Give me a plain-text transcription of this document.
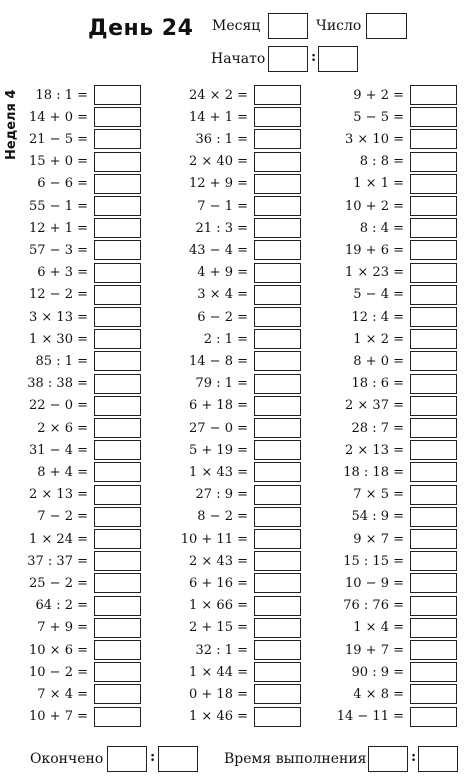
День 24 Месяц	Число
Начато	:
Неделя 4	18 : 1 =
14 + 0 =
21 − 5 =
15 + 0 =
6 − 6 =
55 − 1 =
12 + 1 =
57 − 3 =
6 + 3 =
12 − 2 =
3 × 13 =
1 × 30 =
85 : 1 =
38 : 38 =
22 − 0 =
2 × 6 =
31 − 4 =
8 + 4 =
2 × 13 =
7 − 2 =
1 × 24 =
37 : 37 =
25 − 2 =
64 : 2 =
7 + 9 =
10 × 6 =
10 − 2 =
7 × 4 =
10 + 7 =
24 × 2 =
14 + 1 =
36 : 1 =
2 × 40 =
12 + 9 =
7 − 1 =
21 : 3 =
43 − 4 =
4 + 9 =
3 × 4 =
6 − 2 =
2 : 1 =
14 − 8 =
79 : 1 =
6 + 18 =
27 − 0 =
5 + 19 =
1 × 43 =
27 : 9 =
8 − 2 =
10 + 11 =
2 × 43 =
6 + 16 =
1 × 66 =
2 + 15 =
32 : 1 =
1 × 44 =
0 + 18 =
1 × 46 =
9 + 2 =
5 − 5 =
3 × 10 =
8 : 8 =
1 × 1 =
10 + 2 =
8 : 4 =
19 + 6 =
1 × 23 =
5 − 4 =
12 : 4 =
1 × 2 =
8 + 0 =
18 : 6 =
2 × 37 =
28 : 7 =
2 × 13 =
18 : 18 =
7 × 5 =
54 : 9 =
9 × 7 =
15 : 15 =
10 − 9 =
76 : 76 =
1 × 4 =
19 + 7 =
90 : 9 =
4 × 8 =
14 − 11 =
Окончено	:	Время выполнения	:
